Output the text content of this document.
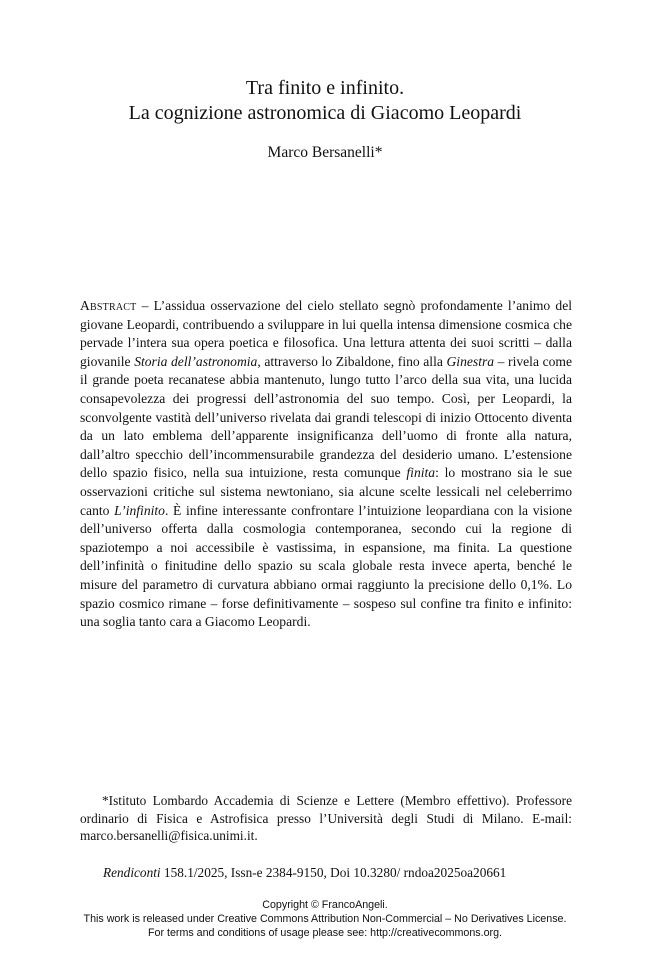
Tra finito e infinito.
La cognizione astronomica di Giacomo Leopardi
Marco Bersanelli*

Abstract – L’assidua osservazione del cielo stellato segnò profondamente l’animo del giovane Leopardi, contribuendo a sviluppare in lui quella intensa dimensione cosmica che pervade l’intera sua opera poetica e filosofica. Una lettura attenta dei suoi scritti – dalla giovanile Storia dell’astronomia, attraverso lo Zibaldone, fino alla Ginestra – rivela come il grande poeta recanatese abbia mantenuto, lungo tutto l’arco della sua vita, una lucida consapevolezza dei progressi dell’astronomia del suo tempo. Così, per Leopardi, la sconvolgente vastità dell’universo rivelata dai grandi telescopi di inizio Ottocento diventa da un lato emblema dell’apparente insignificanza dell’uomo di fronte alla natura, dall’altro specchio dell’incommensurabile grandezza del desiderio umano. L’estensione dello spazio fisico, nella sua intuizione, resta comunque finita: lo mostrano sia le sue osservazioni critiche sul sistema newtoniano, sia alcune scelte lessicali nel celeberrimo canto L’infinito. È infine interessante confrontare l’intuizione leopardiana con la visione dell’universo offerta dalla cosmologia contemporanea, secondo cui la regione di spaziotempo a noi accessibile è vastissima, in espansione, ma finita. La questione dell’infinità o finitudine dello spazio su scala globale resta invece aperta, benché le misure del parametro di curvatura abbiano ormai raggiunto la precisione dello 0,1%. Lo spazio cosmico rimane – forse definitivamente – sospeso sul confine tra finito e infinito: una soglia tanto cara a Giacomo Leopardi.

*Istituto Lombardo Accademia di Scienze e Lettere (Membro effettivo). Professore ordinario di Fisica e Astrofisica presso l’Università degli Studi di Milano. E-mail: marco.bersanelli@fisica.unimi.it.

Rendiconti 158.1/2025, Issn-e 2384-9150, Doi 10.3280/ rndoa2025oa20661
Copyright © FrancoAngeli.
This work is released under Creative Commons Attribution Non-Commercial – No Derivatives License.
For terms and conditions of usage please see: http://creativecommons.org.
